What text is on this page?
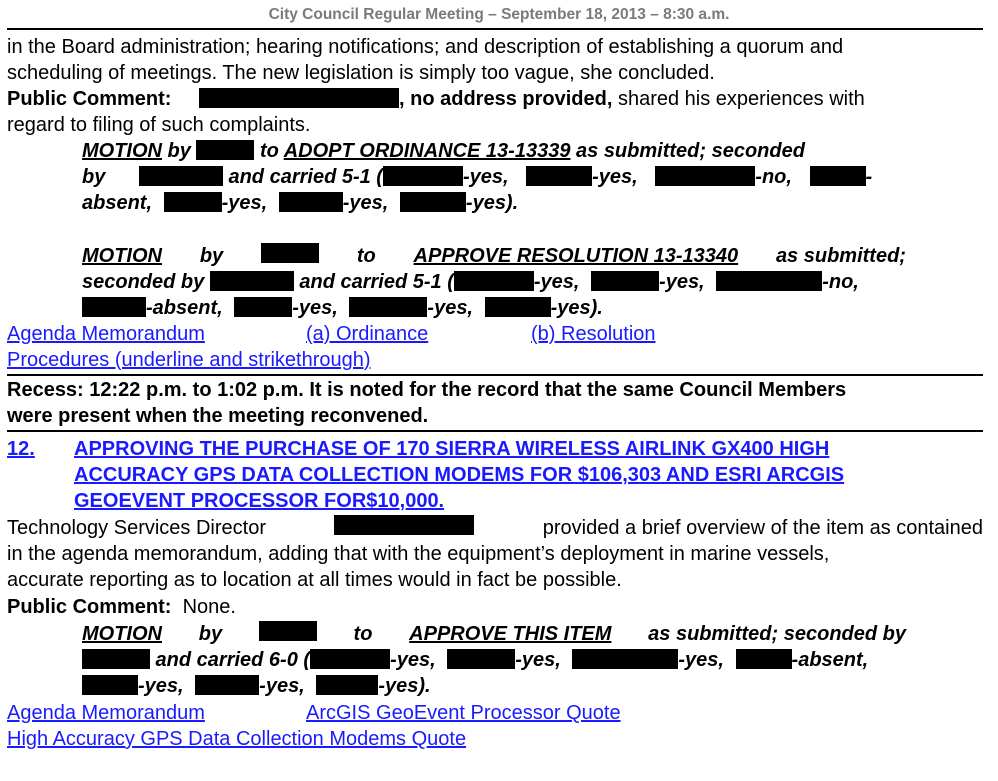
City Council Regular Meeting – September 18, 2013 – 8:30 a.m.
in the Board administration; hearing notifications; and description of establishing a quorum and
scheduling of meetings. The new legislation is simply too vague, she concluded.
Public Comment:	, no address provided, shared his experiences with
regard to filing of such complaints.
MOTION by	to ADOPT ORDINANCE 13-13339 as submitted; seconded
by	and carried 5-1 (	-yes,	-yes,	-no,	-
absent,	-yes,	-yes,	-yes).
MOTION by	to APPROVE RESOLUTION 13-13340 as submitted;
seconded by	and carried 5-1 (	-yes,	-yes,	-no,
-absent,	-yes,	-yes,	-yes).
Agenda Memorandum	(a) Ordinance	(b) Resolution
Procedures (underline and strikethrough)
Recess: 12:22 p.m. to 1:02 p.m. It is noted for the record that the same Council Members
were present when the meeting reconvened.
12. APPROVING THE PURCHASE OF 170 SIERRA WIRELESS AIRLINK GX400 HIGH
ACCURACY GPS DATA COLLECTION MODEMS FOR $106,303 AND ESRI ARCGIS
GEOEVENT PROCESSOR FOR$10,000.
Technology Services Director	provided a brief overview of the item as contained
in the agenda memorandum, adding that with the equipment’s deployment in marine vessels,
accurate reporting as to location at all times would in fact be possible.
Public Comment:  None.
MOTION by	to APPROVE THIS ITEM as submitted; seconded by
and carried 6-0 (	-yes,	-yes,	-yes,	-absent,
-yes,	-yes,	-yes).
Agenda Memorandum	ArcGIS GeoEvent Processor Quote
High Accuracy GPS Data Collection Modems Quote
